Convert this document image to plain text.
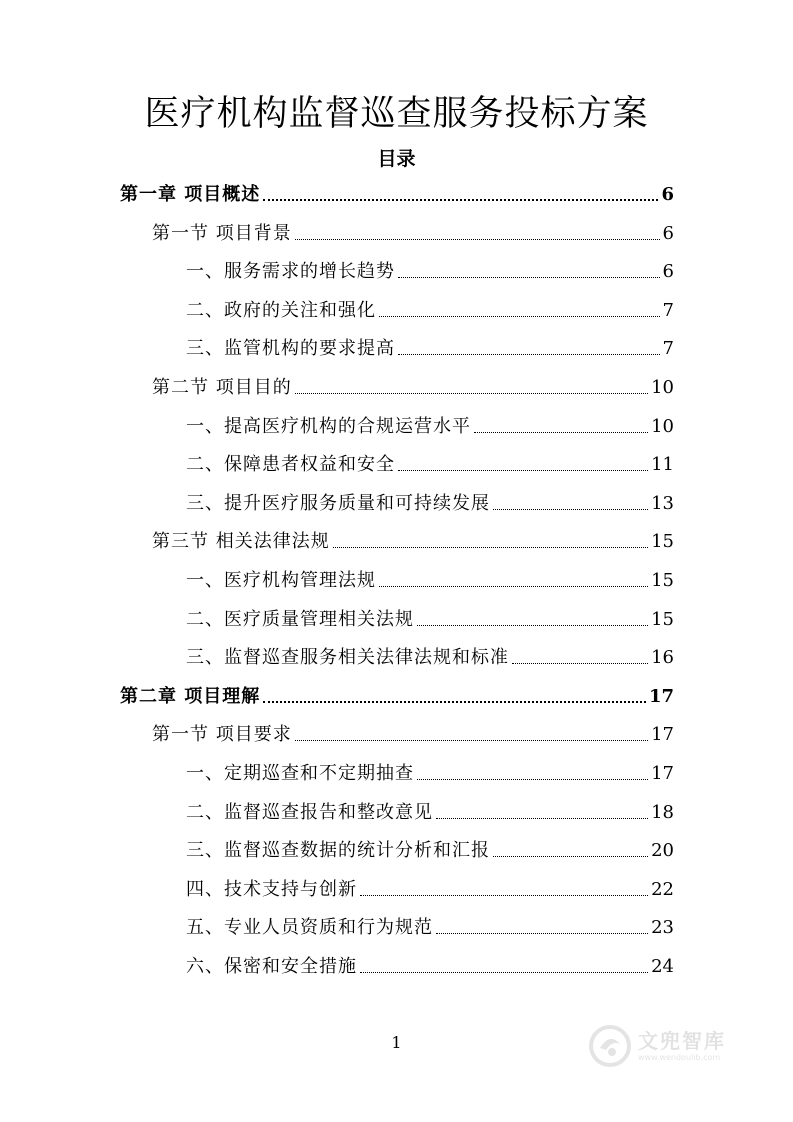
医疗机构监督巡查服务投标方案
目录
第一章 项目概述	6
第一节 项目背景	6
一、服务需求的增长趋势	6
二、政府的关注和强化	7
三、监管机构的要求提高	7
第二节 项目目的	10
一、提高医疗机构的合规运营水平	10
二、保障患者权益和安全	11
三、提升医疗服务质量和可持续发展	13
第三节 相关法律法规	15
一、医疗机构管理法规	15
二、医疗质量管理相关法规	15
三、监督巡查服务相关法律法规和标准	16
第二章 项目理解	17
第一节 项目要求	17
一、定期巡查和不定期抽查	17
二、监督巡查报告和整改意见	18
三、监督巡查数据的统计分析和汇报	20
四、技术支持与创新	22
五、专业人员资质和行为规范	23
六、保密和安全措施	24
1	文兜智库
www.wendoulib.com
